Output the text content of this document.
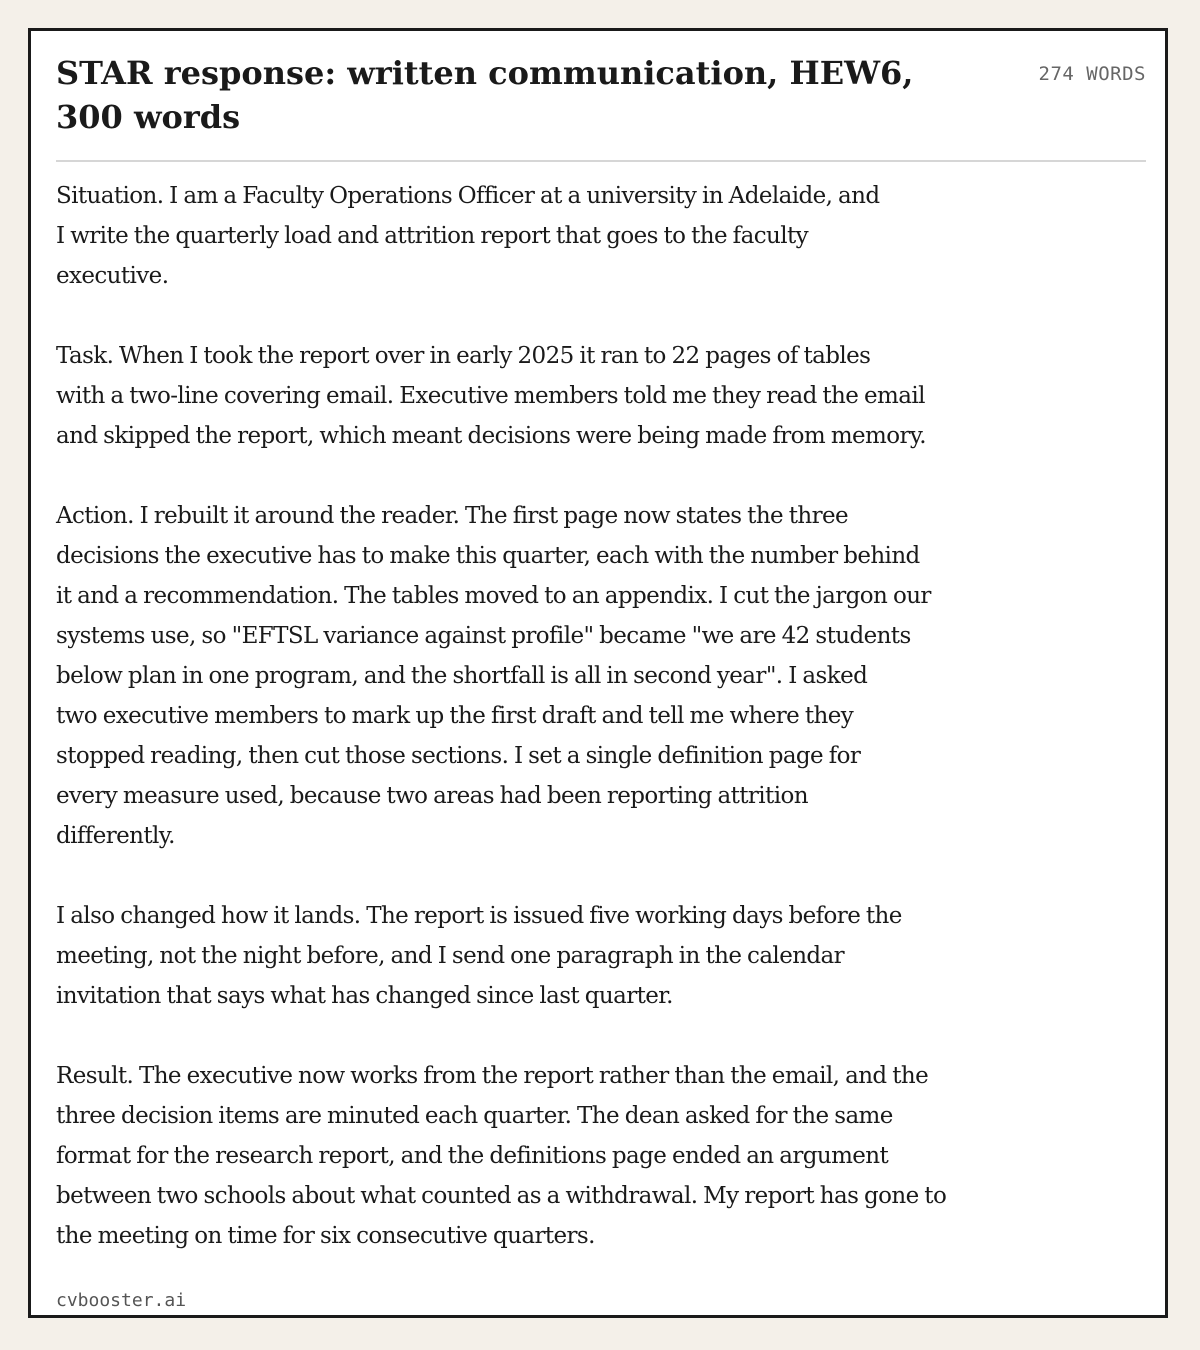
STAR response: written communication, HEW6,
300 words
274 WORDS

Situation. I am a Faculty Operations Officer at a university in Adelaide, and
I write the quarterly load and attrition report that goes to the faculty
executive.

Task. When I took the report over in early 2025 it ran to 22 pages of tables
with a two-line covering email. Executive members told me they read the email
and skipped the report, which meant decisions were being made from memory.

Action. I rebuilt it around the reader. The first page now states the three
decisions the executive has to make this quarter, each with the number behind
it and a recommendation. The tables moved to an appendix. I cut the jargon our
systems use, so "EFTSL variance against profile" became "we are 42 students
below plan in one program, and the shortfall is all in second year". I asked
two executive members to mark up the first draft and tell me where they
stopped reading, then cut those sections. I set a single definition page for
every measure used, because two areas had been reporting attrition
differently.

I also changed how it lands. The report is issued five working days before the
meeting, not the night before, and I send one paragraph in the calendar
invitation that says what has changed since last quarter.

Result. The executive now works from the report rather than the email, and the
three decision items are minuted each quarter. The dean asked for the same
format for the research report, and the definitions page ended an argument
between two schools about what counted as a withdrawal. My report has gone to
the meeting on time for six consecutive quarters.

cvbooster.ai
